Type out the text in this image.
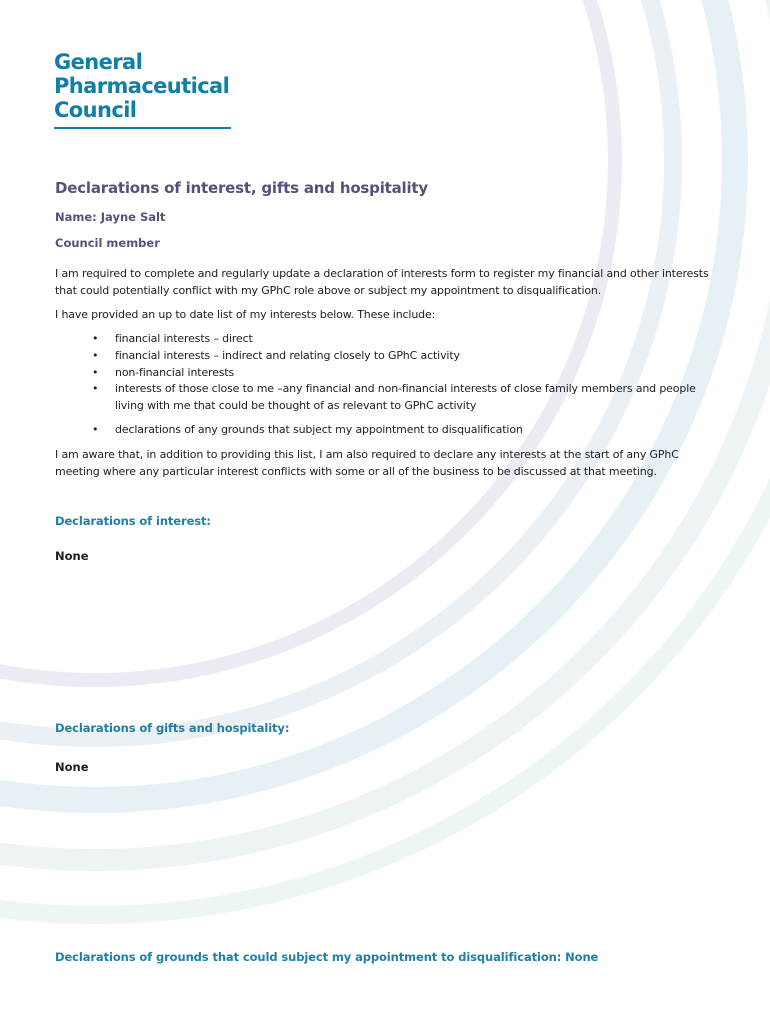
General
Pharmaceutical
Council
Declarations of interest, gifts and hospitality

Name: Jayne Salt

Council member

I am required to complete and regularly update a declaration of interests form to register my financial and other interests that could potentially conflict with my GPhC role above or subject my appointment to disqualification.

I have provided an up to date list of my interests below. These include:

• financial interests – direct
• financial interests – indirect and relating closely to GPhC activity
• non-financial interests
• interests of those close to me –any financial and non-financial interests of close family members and people living with me that could be thought of as relevant to GPhC activity
• declarations of any grounds that subject my appointment to disqualification

I am aware that, in addition to providing this list, I am also required to declare any interests at the start of any GPhC meeting where any particular interest conflicts with some or all of the business to be discussed at that meeting.

Declarations of interest:

None

Declarations of gifts and hospitality:

None

Declarations of grounds that could subject my appointment to disqualification: None
